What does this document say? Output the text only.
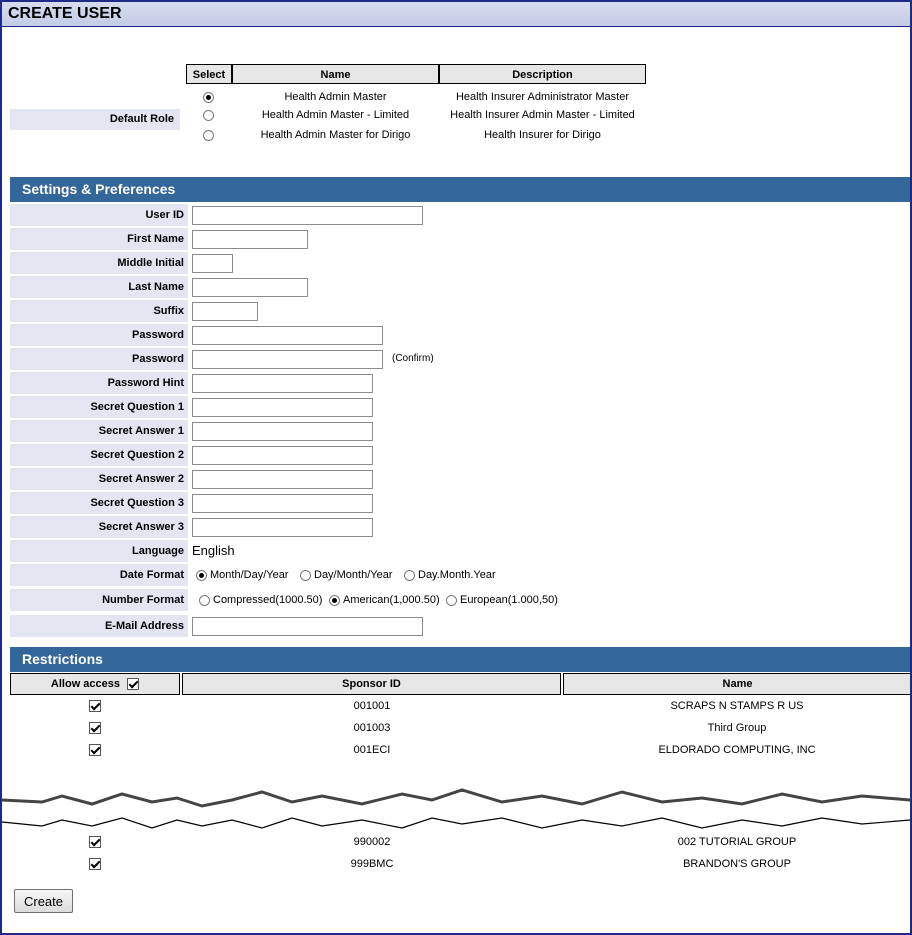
CREATE USER
Select	Name	Description
Default Role
Health Admin Master	Health Insurer Administrator Master
Health Admin Master - Limited	Health Insurer Admin Master - Limited
Health Admin Master for Dirigo	Health Insurer for Dirigo
Settings & Preferences
User ID
First Name
Middle Initial
Last Name
Suffix
Password
Password	(Confirm)
Password Hint
Secret Question 1
Secret Answer 1
Secret Question 2
Secret Answer 2
Secret Question 3
Secret Answer 3
Language English
Date Format	Month/Day/Year	Day/Month/Year	Day.Month.Year
Number Format	Compressed(1000.50)	American(1,000.50)	European(1.000,50)
E-Mail Address
Restrictions
Allow access	Sponsor ID	Name
001001	SCRAPS N STAMPS R US
001003	Third Group
001ECI	ELDORADO COMPUTING, INC
990002	002 TUTORIAL GROUP
999BMC	BRANDON'S GROUP
Create
